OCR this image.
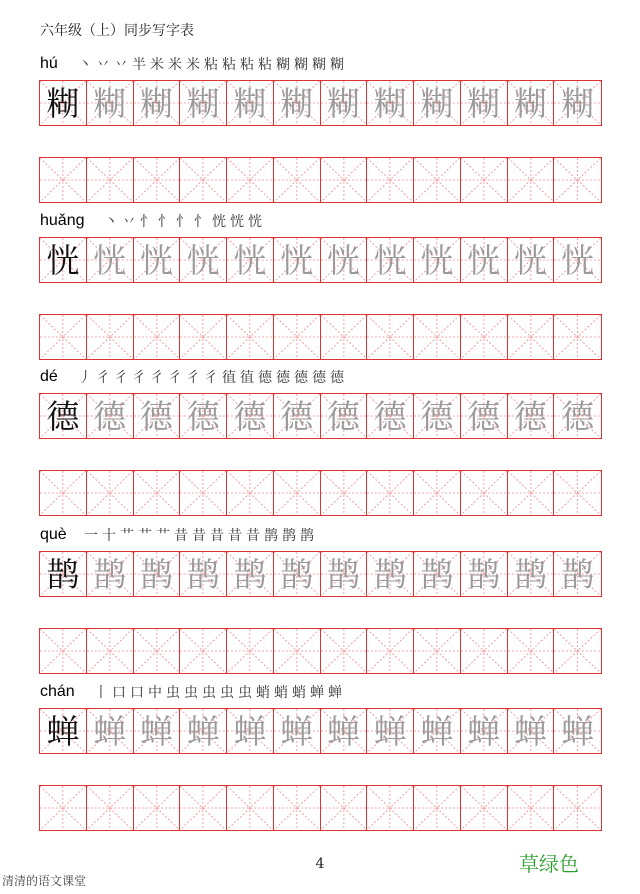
六年级（上）同步写字表
hú 丶 丷 丷 半 米 米 米 粘 粘 粘 粘 糊 糊 糊 糊
糊 糊 糊 糊 糊 糊 糊 糊 糊 糊 糊 糊
huǎng 丶 丷 忄 忄 忄 忄 恍 恍 恍
恍 恍 恍 恍 恍 恍 恍 恍 恍 恍 恍 恍
dé 丿 彳 彳 彳 彳 彳 彳 彳 徝 徝 德 德 德 德 德
德 德 德 德 德 德 德 德 德 德 德 德
què 一 十 艹 艹 艹 昔 昔 昔 昔 昔 鹊 鹊 鹊
鹊 鹊 鹊 鹊 鹊 鹊 鹊 鹊 鹊 鹊 鹊 鹊
chán 丨 口 口 中 虫 虫 虫 虫 虫 蛸 蛸 蛸 蝉 蝉
蝉 蝉 蝉 蝉 蝉 蝉 蝉 蝉 蝉 蝉 蝉 蝉
4	草绿色
清清的语文课堂
